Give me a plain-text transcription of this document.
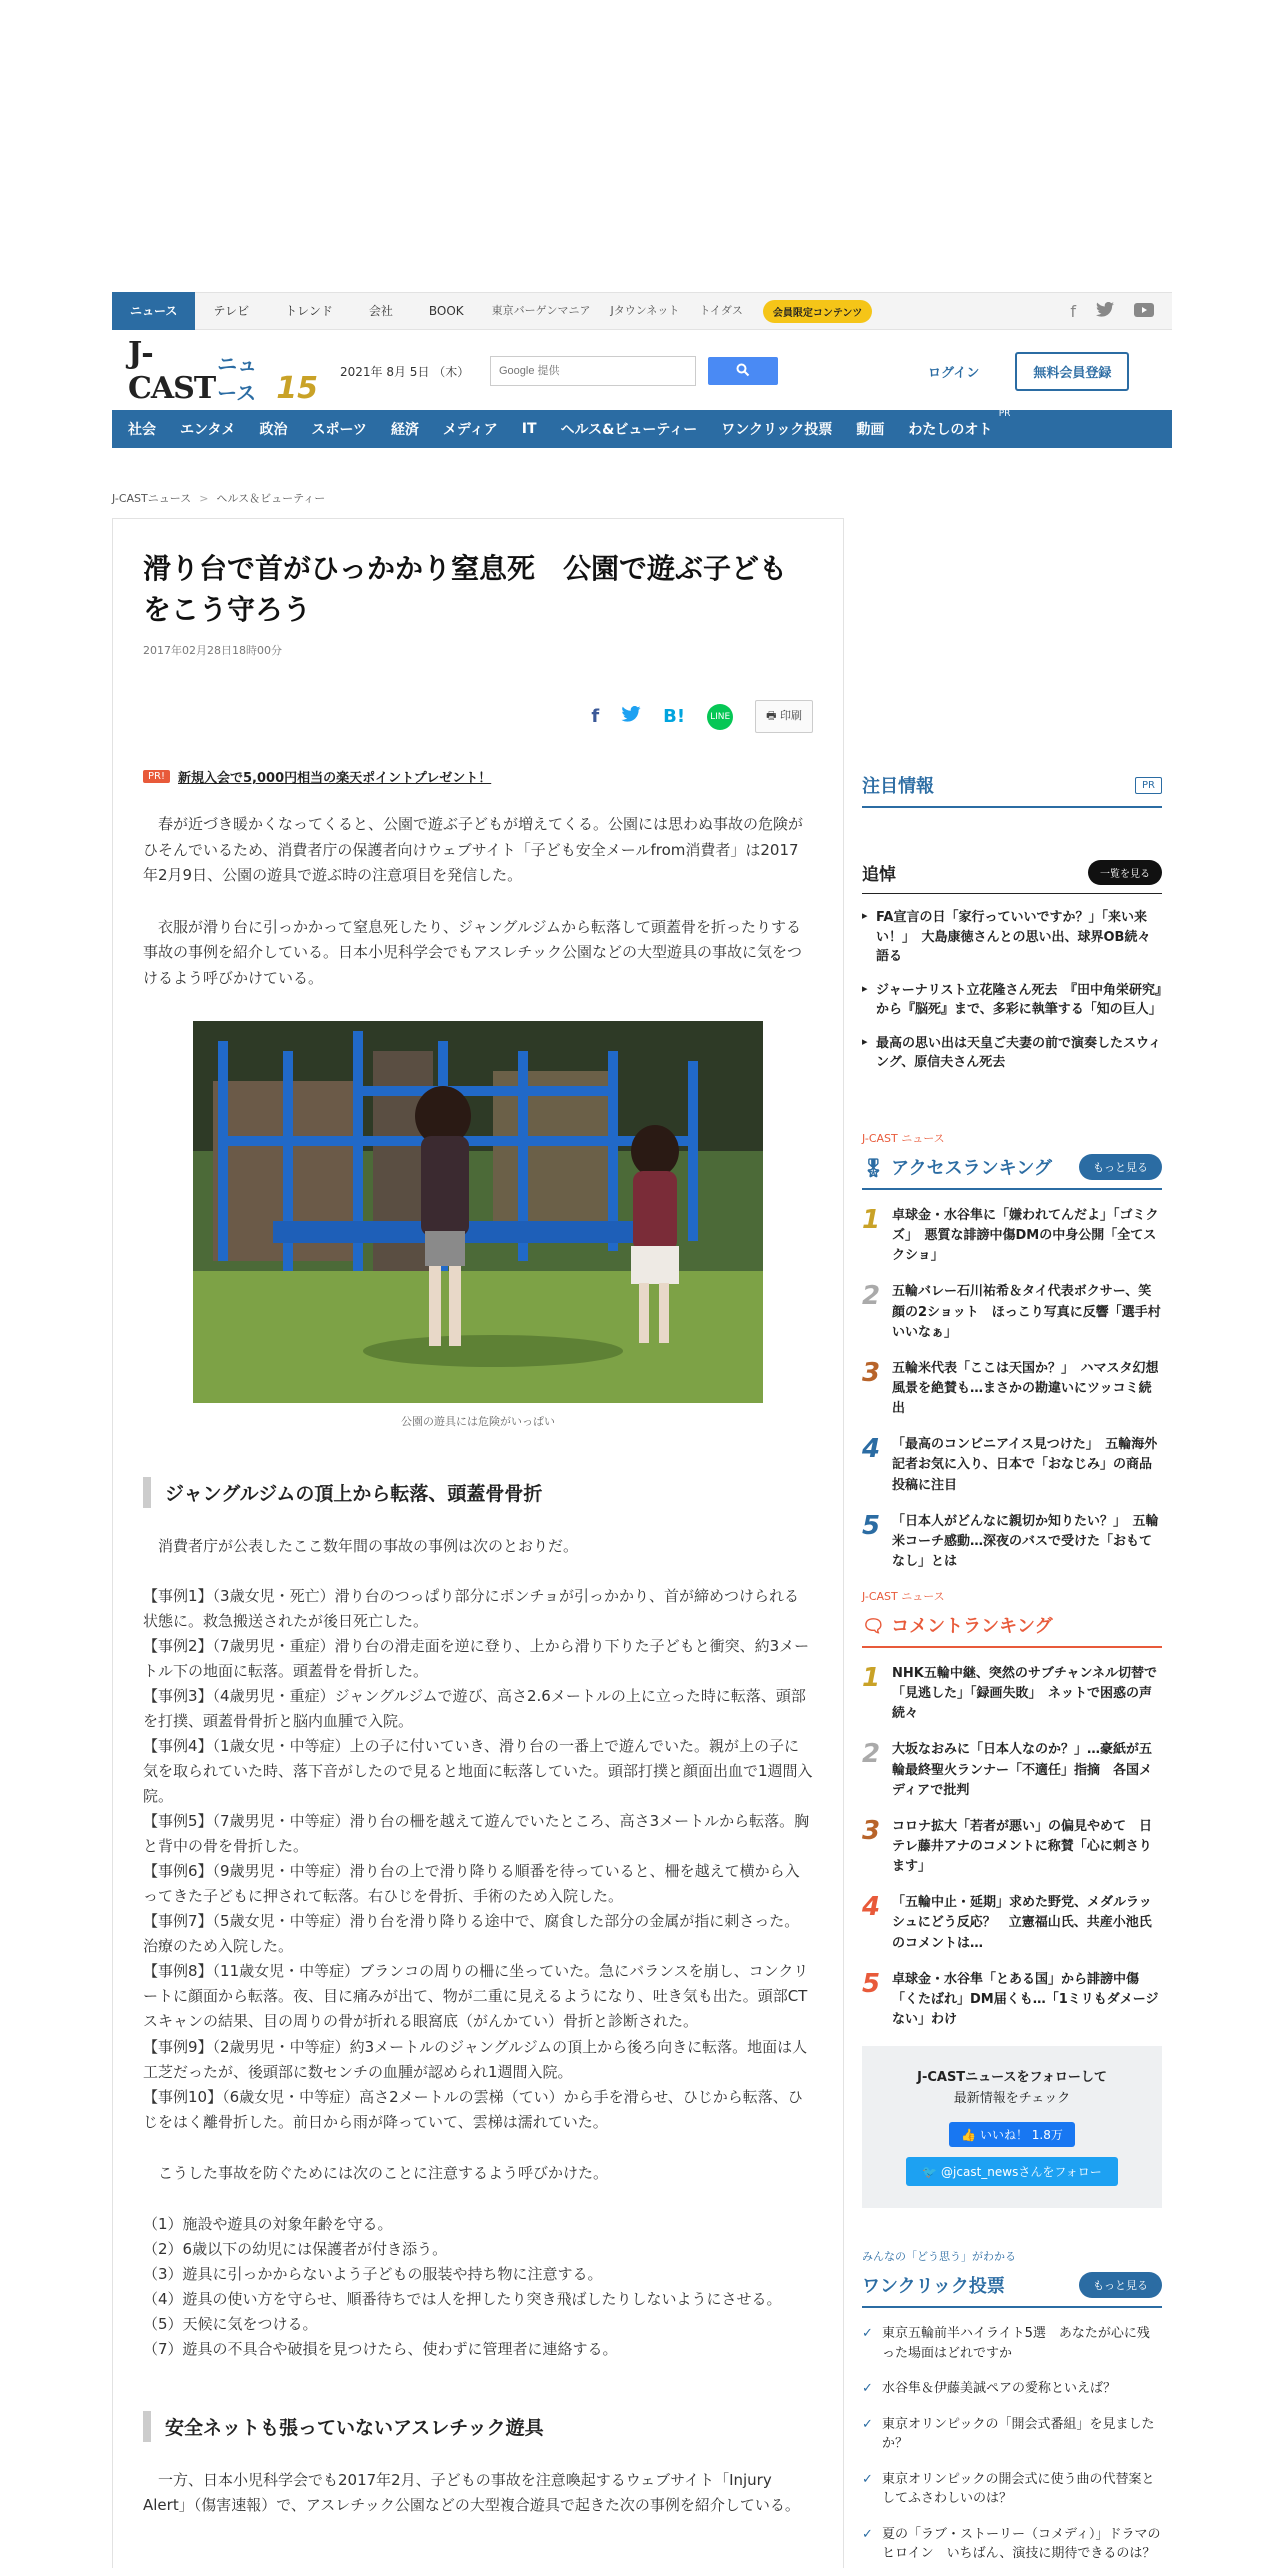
ニュース	テレビ	トレンド	会社	BOOK	東京バーゲンマニア	Jタウンネット	トイダス	会員限定コンテンツ	f
J-CAST
ニュース 15 2021年 8月 5日 （木）
Google 提供	ログイン	無料会員登録
社会	エンタメ	政治	スポーツ	経済	メディア	IT	ヘルス&ビューティー	ワンクリック投票	動画	わたしのオト
PR
J-CASTニュース > ヘルス＆ビューティー
滑り台で首がひっかかり窒息死　公園で遊ぶ子どもをこう守ろう
2017年02月28日18時00分
f	B!	LINE	🖶 印刷
PR!	新規入会で5,000円相当の楽天ポイントプレゼント！

　春が近づき暖かくなってくると、公園で遊ぶ子どもが増えてくる。公園には思わぬ事故の危険がひそんでいるため、消費者庁の保護者向けウェブサイト「子ども安全メールfrom消費者」は2017年2月9日、公園の遊具で遊ぶ時の注意項目を発信した。

　衣服が滑り台に引っかかって窒息死したり、ジャングルジムから転落して頭蓋骨を折ったりする事故の事例を紹介している。日本小児科学会でもアスレチック公園などの大型遊具の事故に気をつけるよう呼びかけている。

公園の遊具には危険がいっぱい
ジャングルジムの頂上から転落、頭蓋骨骨折

　消費者庁が公表したここ数年間の事故の事例は次のとおりだ。

【事例1】（3歳女児・死亡）滑り台のつっぱり部分にポンチョが引っかかり、首が締めつけられる状態に。救急搬送されたが後日死亡した。
【事例2】（7歳男児・重症）滑り台の滑走面を逆に登り、上から滑り下りた子どもと衝突、約3メートル下の地面に転落。頭蓋骨を骨折した。
【事例3】（4歳男児・重症）ジャングルジムで遊び、高さ2.6メートルの上に立った時に転落、頭部を打撲、頭蓋骨骨折と脳内血腫で入院。
【事例4】（1歳女児・中等症）上の子に付いていき、滑り台の一番上で遊んでいた。親が上の子に気を取られていた時、落下音がしたので見ると地面に転落していた。頭部打撲と顔面出血で1週間入院。
【事例5】（7歳男児・中等症）滑り台の柵を越えて遊んでいたところ、高さ3メートルから転落。胸と背中の骨を骨折した。
【事例6】（9歳男児・中等症）滑り台の上で滑り降りる順番を待っていると、柵を越えて横から入ってきた子どもに押されて転落。右ひじを骨折、手術のため入院した。
【事例7】（5歳女児・中等症）滑り台を滑り降りる途中で、腐食した部分の金属が指に刺さった。治療のため入院した。
【事例8】（11歳女児・中等症）ブランコの周りの柵に坐っていた。急にバランスを崩し、コンクリートに顔面から転落。夜、目に痛みが出て、物が二重に見えるようになり、吐き気も出た。頭部CTスキャンの結果、目の周りの骨が折れる眼窩底（がんかてい）骨折と診断された。
【事例9】（2歳男児・中等症）約3メートルのジャングルジムの頂上から後ろ向きに転落。地面は人工芝だったが、後頭部に数センチの血腫が認められ1週間入院。
【事例10】（6歳女児・中等症）高さ2メートルの雲梯（てい）から手を滑らせ、ひじから転落、ひじをはく離骨折した。前日から雨が降っていて、雲梯は濡れていた。

　こうした事故を防ぐためには次のことに注意するよう呼びかけた。

（1）施設や遊具の対象年齢を守る。
（2）6歳以下の幼児には保護者が付き添う。
（3）遊具に引っかからないよう子どもの服装や持ち物に注意する。
（4）遊具の使い方を守らせ、順番待ちでは人を押したり突き飛ばしたりしないようにさせる。
（5）天候に気をつける。
（7）遊具の不具合や破損を見つけたら、使わずに管理者に連絡する。
安全ネットも張っていないアスレチック遊具

　一方、日本小児科学会でも2017年2月、子どもの事故を注意喚起するウェブサイト「Injury Alert」（傷害速報）で、アスレチック公園などの大型複合遊具で起きた次の事例を紹介している。

注目情報	PR
追悼	一覧を見る
▸ FA宣言の日「家行っていいですか？」「来い来い！」　大島康徳さんとの思い出、球界OB続々語る
▸ ジャーナリスト立花隆さん死去　『田中角栄研究』から『脳死』まで、多彩に執筆する「知の巨人」
▸ 最高の思い出は天皇ご夫妻の前で演奏したスウィング、原信夫さん死去
J-CAST ニュース
🎖 アクセスランキング	もっと見る
1 卓球金・水谷隼に「嫌われてんだよ」「ゴミクズ」　悪質な誹謗中傷DMの中身公開「全てスクショ」
2 五輪バレー石川祐希＆タイ代表ボクサー、笑顔の2ショット　ほっこり写真に反響「選手村いいなぁ」
3 五輪米代表「ここは天国か？」　ハマスタ幻想風景を絶賛も…まさかの勘違いにツッコミ続出
4 「最高のコンビニアイス見つけた」　五輪海外記者お気に入り、日本で「おなじみ」の商品投稿に注目
5 「日本人がどんなに親切か知りたい？」　五輪米コーチ感動…深夜のバスで受けた「おもてなし」とは
J-CAST ニュース
🗨 コメントランキング
1 NHK五輪中継、突然のサブチャンネル切替で「見逃した」「録画失敗」　ネットで困惑の声続々
2 大坂なおみに「日本人なのか？」…豪紙が五輪最終聖火ランナー「不適任」指摘　各国メディアで批判
3 コロナ拡大「若者が悪い」の偏見やめて　日テレ藤井アナのコメントに称賛「心に刺さります」
4 「五輪中止・延期」求めた野党、メダルラッシュにどう反応？　立憲福山氏、共産小池氏のコメントは…
5 卓球金・水谷隼「とある国」から誹謗中傷　「くたばれ」DM届くも…「1ミリもダメージない」わけ
J-CASTニュースをフォローして
最新情報をチェック
👍 いいね！ 1.8万
🐦 @jcast_newsさんをフォロー
みんなの「どう思う」がわかる
ワンクリック投票	もっと見る
✓ 東京五輪前半ハイライト5選　あなたが心に残った場面はどれですか
✓ 水谷隼＆伊藤美誠ペアの愛称といえば？
✓ 東京オリンピックの「開会式番組」を見ましたか？
✓ 東京オリンピックの開会式に使う曲の代替案としてふさわしいのは？
✓ 夏の「ラブ・ストーリー（コメディ）」ドラマのヒロイン　いちばん、演技に期待できるのは？
